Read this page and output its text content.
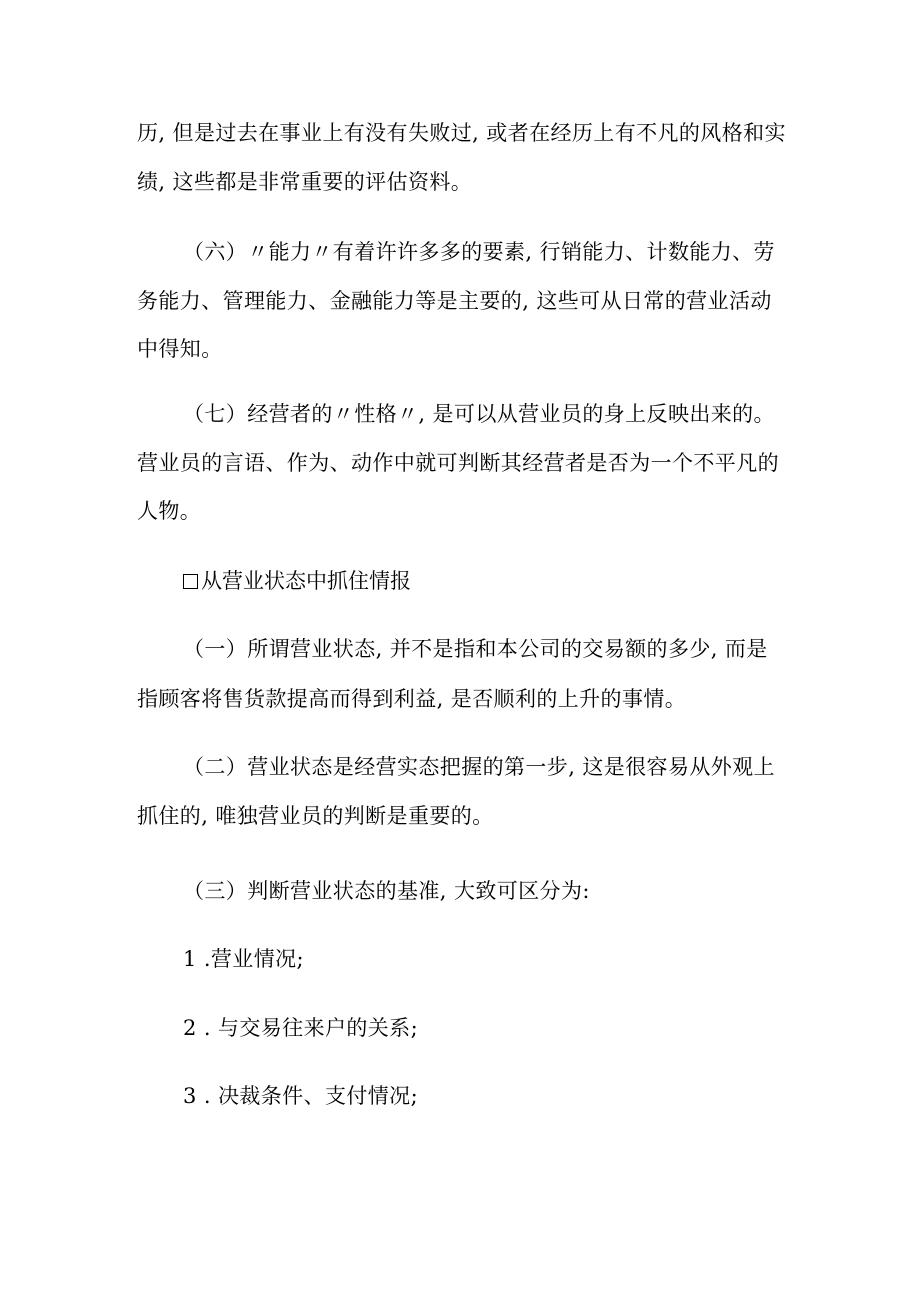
历, 但是过去在事业上有没有失败过, 或者在经历上有不凡的风格和实
绩, 这些都是非常重要的评估资料。
（六）〃能力〃有着许许多多的要素, 行销能力、计数能力、劳
务能力、管理能力、金融能力等是主要的, 这些可从日常的营业活动
中得知。
（七）经营者的〃性格〃, 是可以从营业员的身上反映出来的。
营业员的言语、作为、动作中就可判断其经营者是否为一个不平凡的
人物。
从营业状态中抓住情报
（一）所谓营业状态, 并不是指和本公司的交易额的多少, 而是
指顾客将售货款提高而得到利益, 是否顺利的上升的事情。
（二）营业状态是经营实态把握的第一步, 这是很容易从外观上
抓住的, 唯独营业员的判断是重要的。
（三）判断营业状态的基准, 大致可区分为:
1 .营业情况;
2 . 与交易往来户的关系;
3 . 决裁条件、支付情况;
